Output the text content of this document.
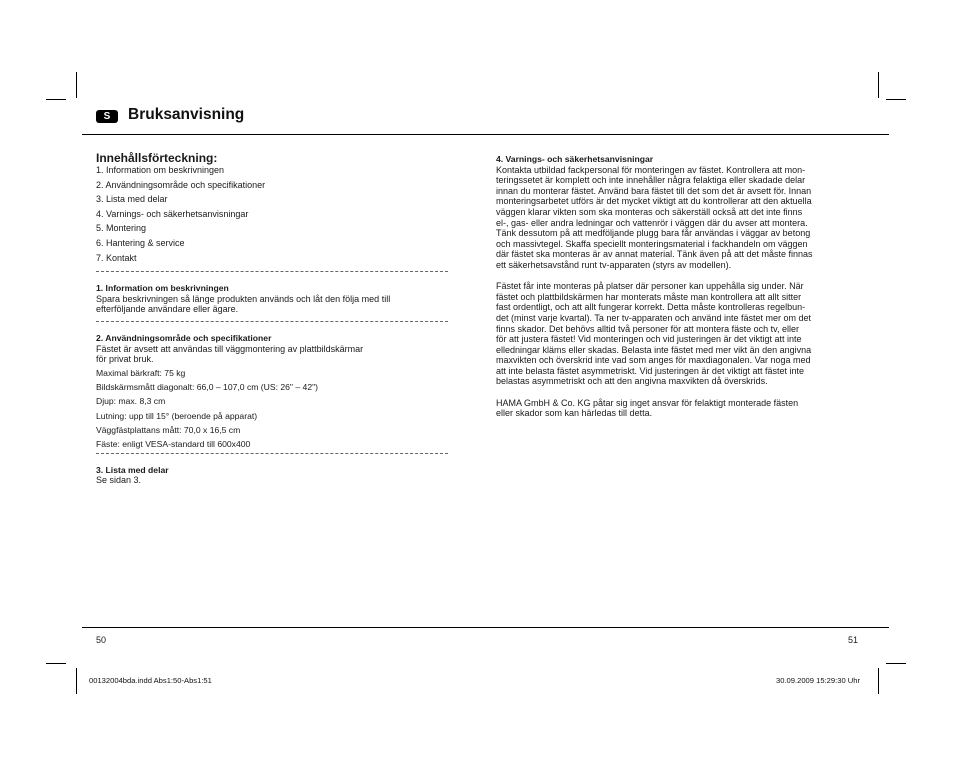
S	Bruksanvisning
Innehållsförteckning:
1. Information om beskrivningen
2. Användningsområde och specifikationer
3. Lista med delar
4. Varnings- och säkerhetsanvisningar
5. Montering
6. Hantering & service
7. Kontakt
1. Information om beskrivningen
Spara beskrivningen så länge produkten används och låt den följa med till
efterföljande användare eller ägare.
2. Användningsområde och specifikationer
Fästet är avsett att användas till väggmontering av plattbildskärmar
för privat bruk.
Maximal bärkraft: 75 kg
Bildskärmsmått diagonalt: 66,0 – 107,0 cm (US: 26" – 42")
Djup: max. 8,3 cm
Lutning: upp till 15° (beroende på apparat)
Väggfästplattans mått: 70,0 x 16,5 cm
Fäste: enligt VESA-standard till 600x400
3. Lista med delar
Se sidan 3.
4. Varnings- och säkerhetsanvisningar
Kontakta utbildad fackpersonal för monteringen av fästet. Kontrollera att mon-
teringssetet är komplett och inte innehåller några felaktiga eller skadade delar
innan du monterar fästet. Använd bara fästet till det som det är avsett för. Innan
monteringsarbetet utförs är det mycket viktigt att du kontrollerar att den aktuella
väggen klarar vikten som ska monteras och säkerställ också att det inte finns
el-, gas- eller andra ledningar och vattenrör i väggen där du avser att montera.
Tänk dessutom på att medföljande plugg bara får användas i väggar av betong
och massivtegel. Skaffa speciellt monteringsmaterial i fackhandeln om väggen
där fästet ska monteras är av annat material. Tänk även på att det måste finnas
ett säkerhetsavstånd runt tv-apparaten (styrs av modellen).
Fästet får inte monteras på platser där personer kan uppehålla sig under. När
fästet och plattbildskärmen har monterats måste man kontrollera att allt sitter
fast ordentligt, och att allt fungerar korrekt. Detta måste kontrolleras regelbun-
det (minst varje kvartal). Ta ner tv-apparaten och använd inte fästet mer om det
finns skador. Det behövs alltid två personer för att montera fäste och tv, eller
för att justera fästet! Vid monteringen och vid justeringen är det viktigt att inte
elledningar kläms eller skadas. Belasta inte fästet med mer vikt än den angivna
maxvikten och överskrid inte vad som anges för maxdiagonalen. Var noga med
att inte belasta fästet asymmetriskt. Vid justeringen är det viktigt att fästet inte
belastas asymmetriskt och att den angivna maxvikten då överskrids.
HAMA GmbH & Co. KG påtar sig inget ansvar för felaktigt monterade fästen
eller skador som kan härledas till detta.
50	51
00132004bda.indd Abs1:50-Abs1:51	30.09.2009 15:29:30 Uhr
